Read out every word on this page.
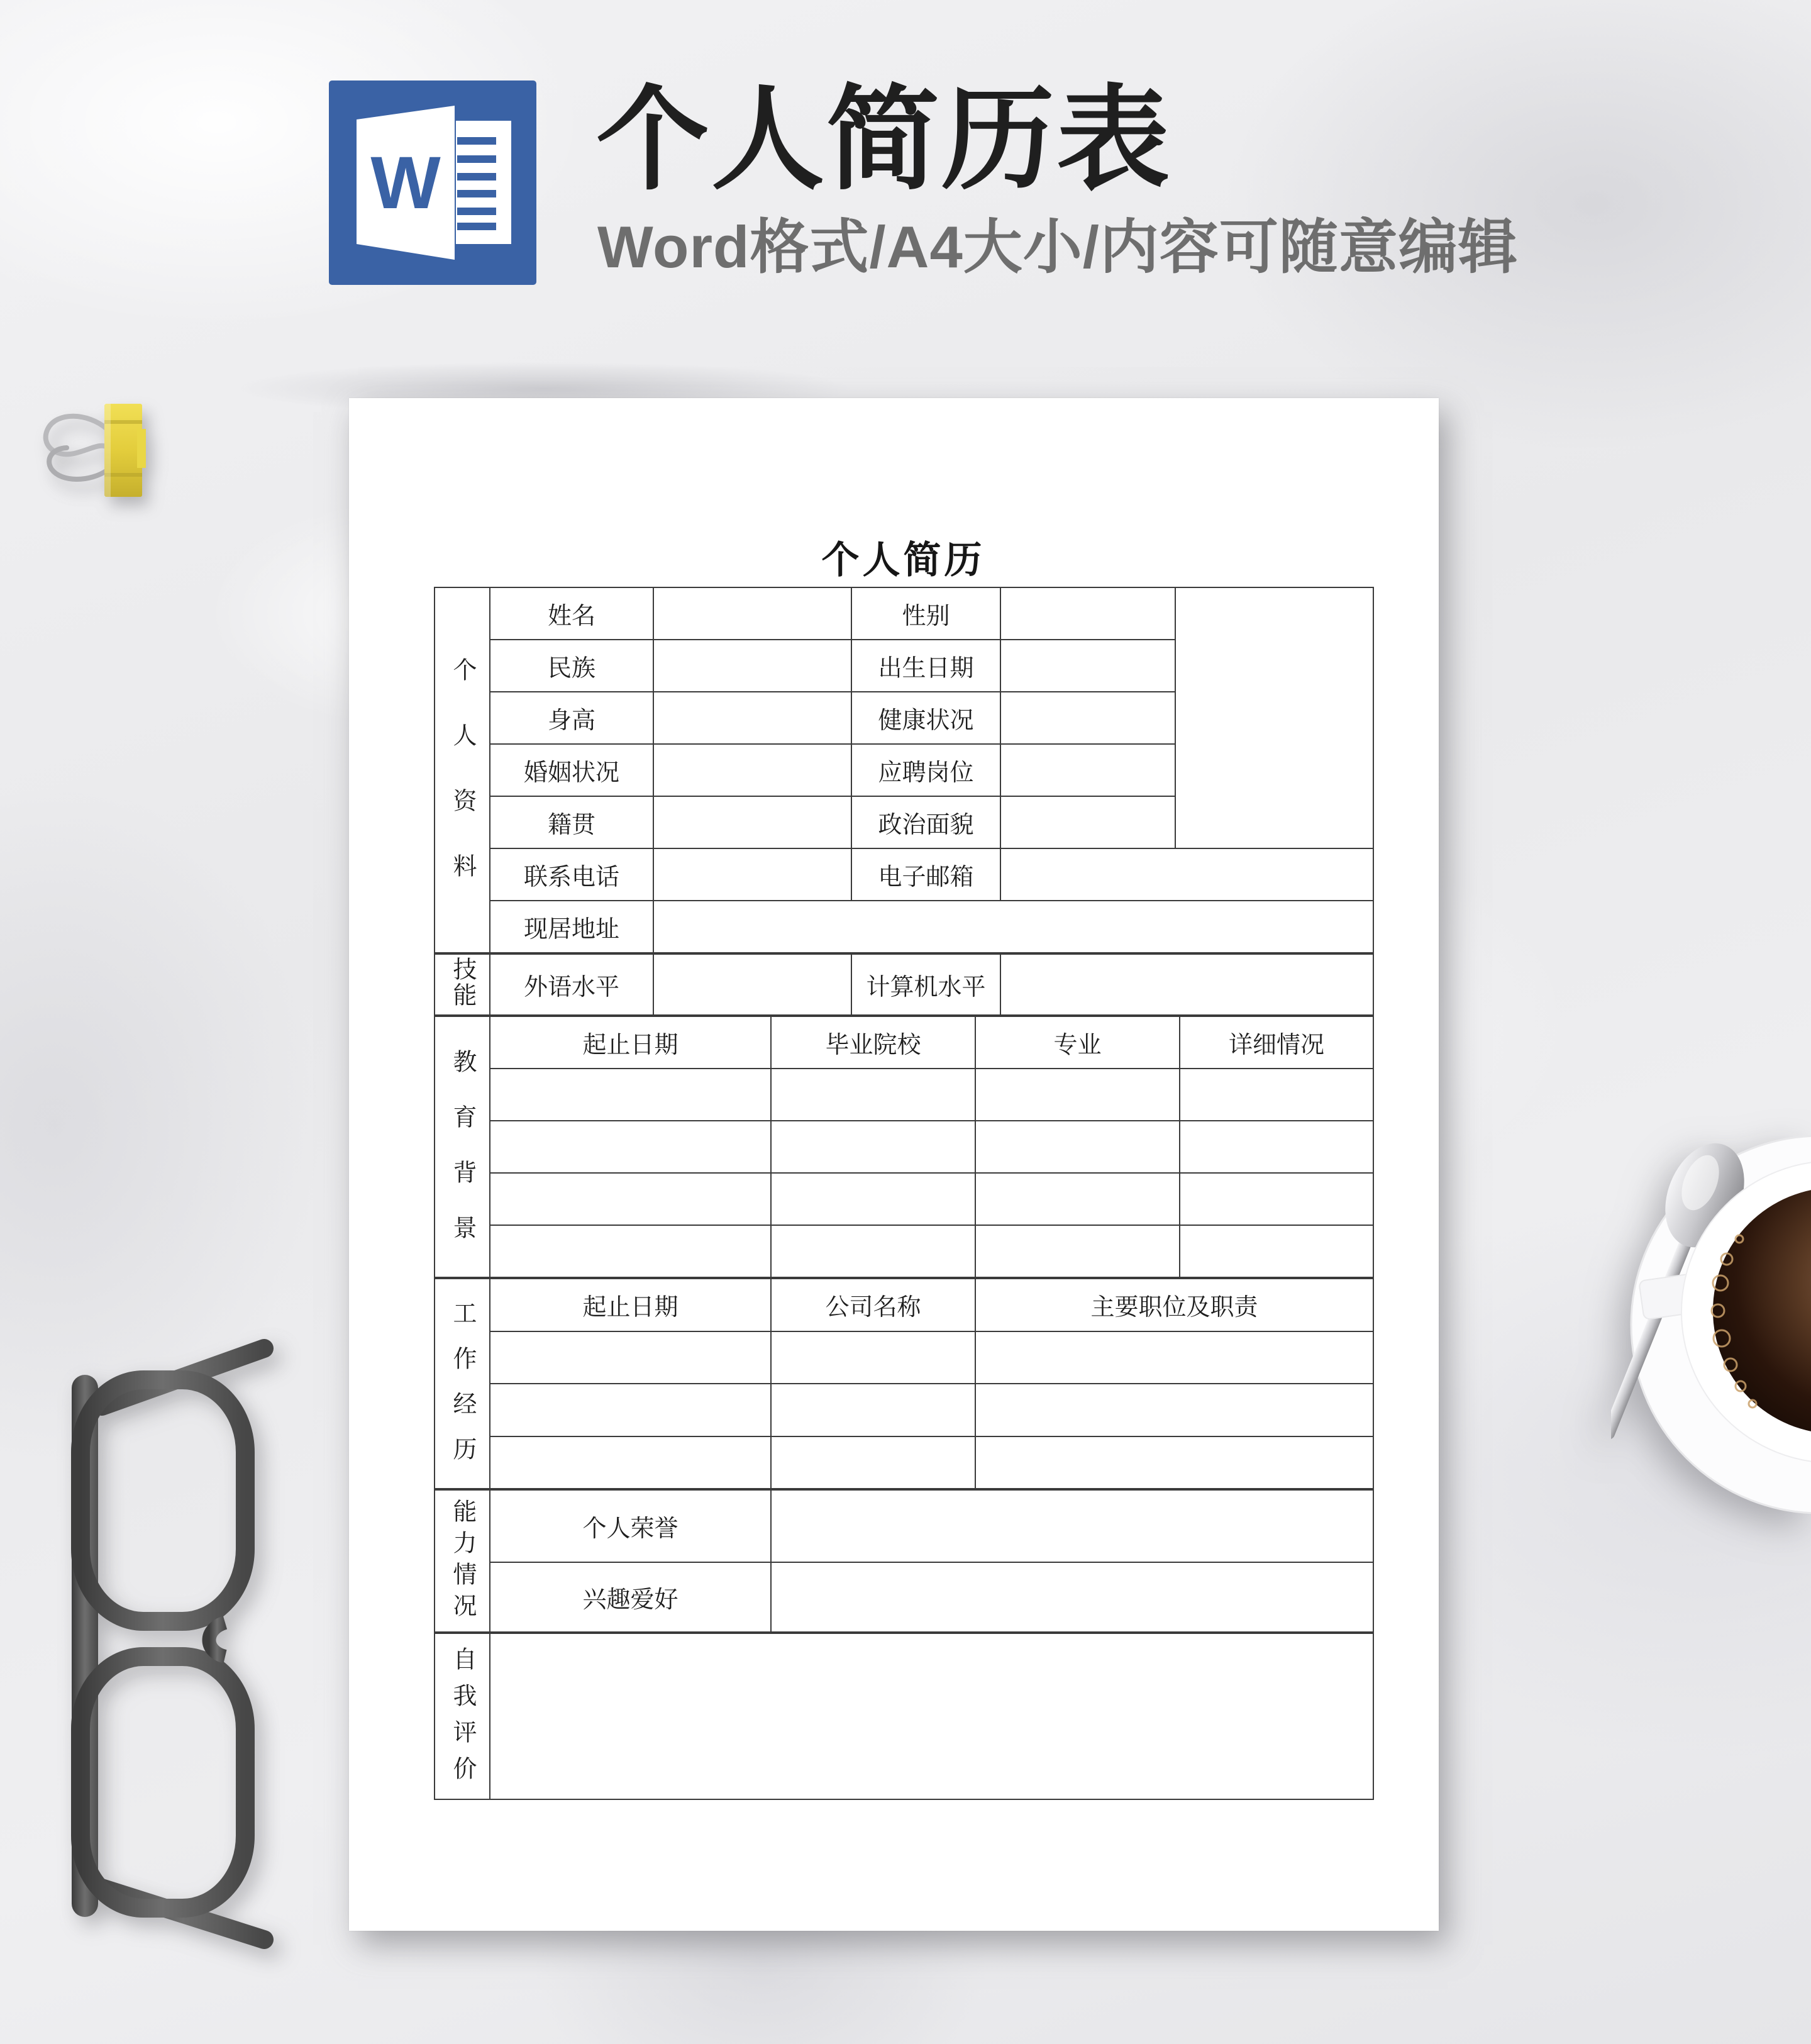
W 个人简历表
Word格式/A4大小/内容可随意编辑
个人简历
个人资料	姓名		性别		
	民族		出生日期		
	身高		健康状况		
	婚姻状况		应聘岗位		
	籍贯		政治面貌		
	联系电话		电子邮箱		
	现居地址				
技能	外语水平		计算机水平	
教育背景	起止日期	毕业院校	专业	详细情况

工作经历	起止日期	公司名称	主要职位及职责

能力情况	个人荣誉	
	兴趣爱好	
自我评价	
